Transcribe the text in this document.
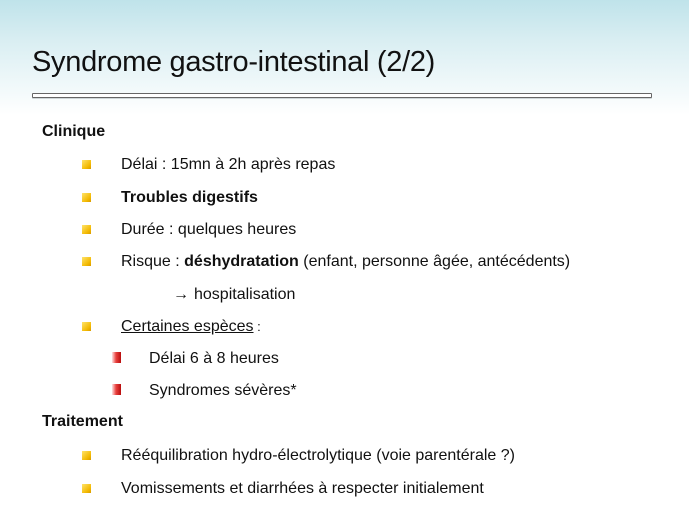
Syndrome gastro-intestinal (2/2)
Clinique
Délai : 15mn à 2h après repas
Troubles digestifs
Durée : quelques heures
Risque : déshydratation (enfant, personne âgée, antécédents)
→ hospitalisation
Certaines espèces :
Délai 6 à 8 heures
Syndromes sévères*
Traitement
Rééquilibration hydro-électrolytique (voie parentérale ?)
Vomissements et diarrhées à respecter initialement
